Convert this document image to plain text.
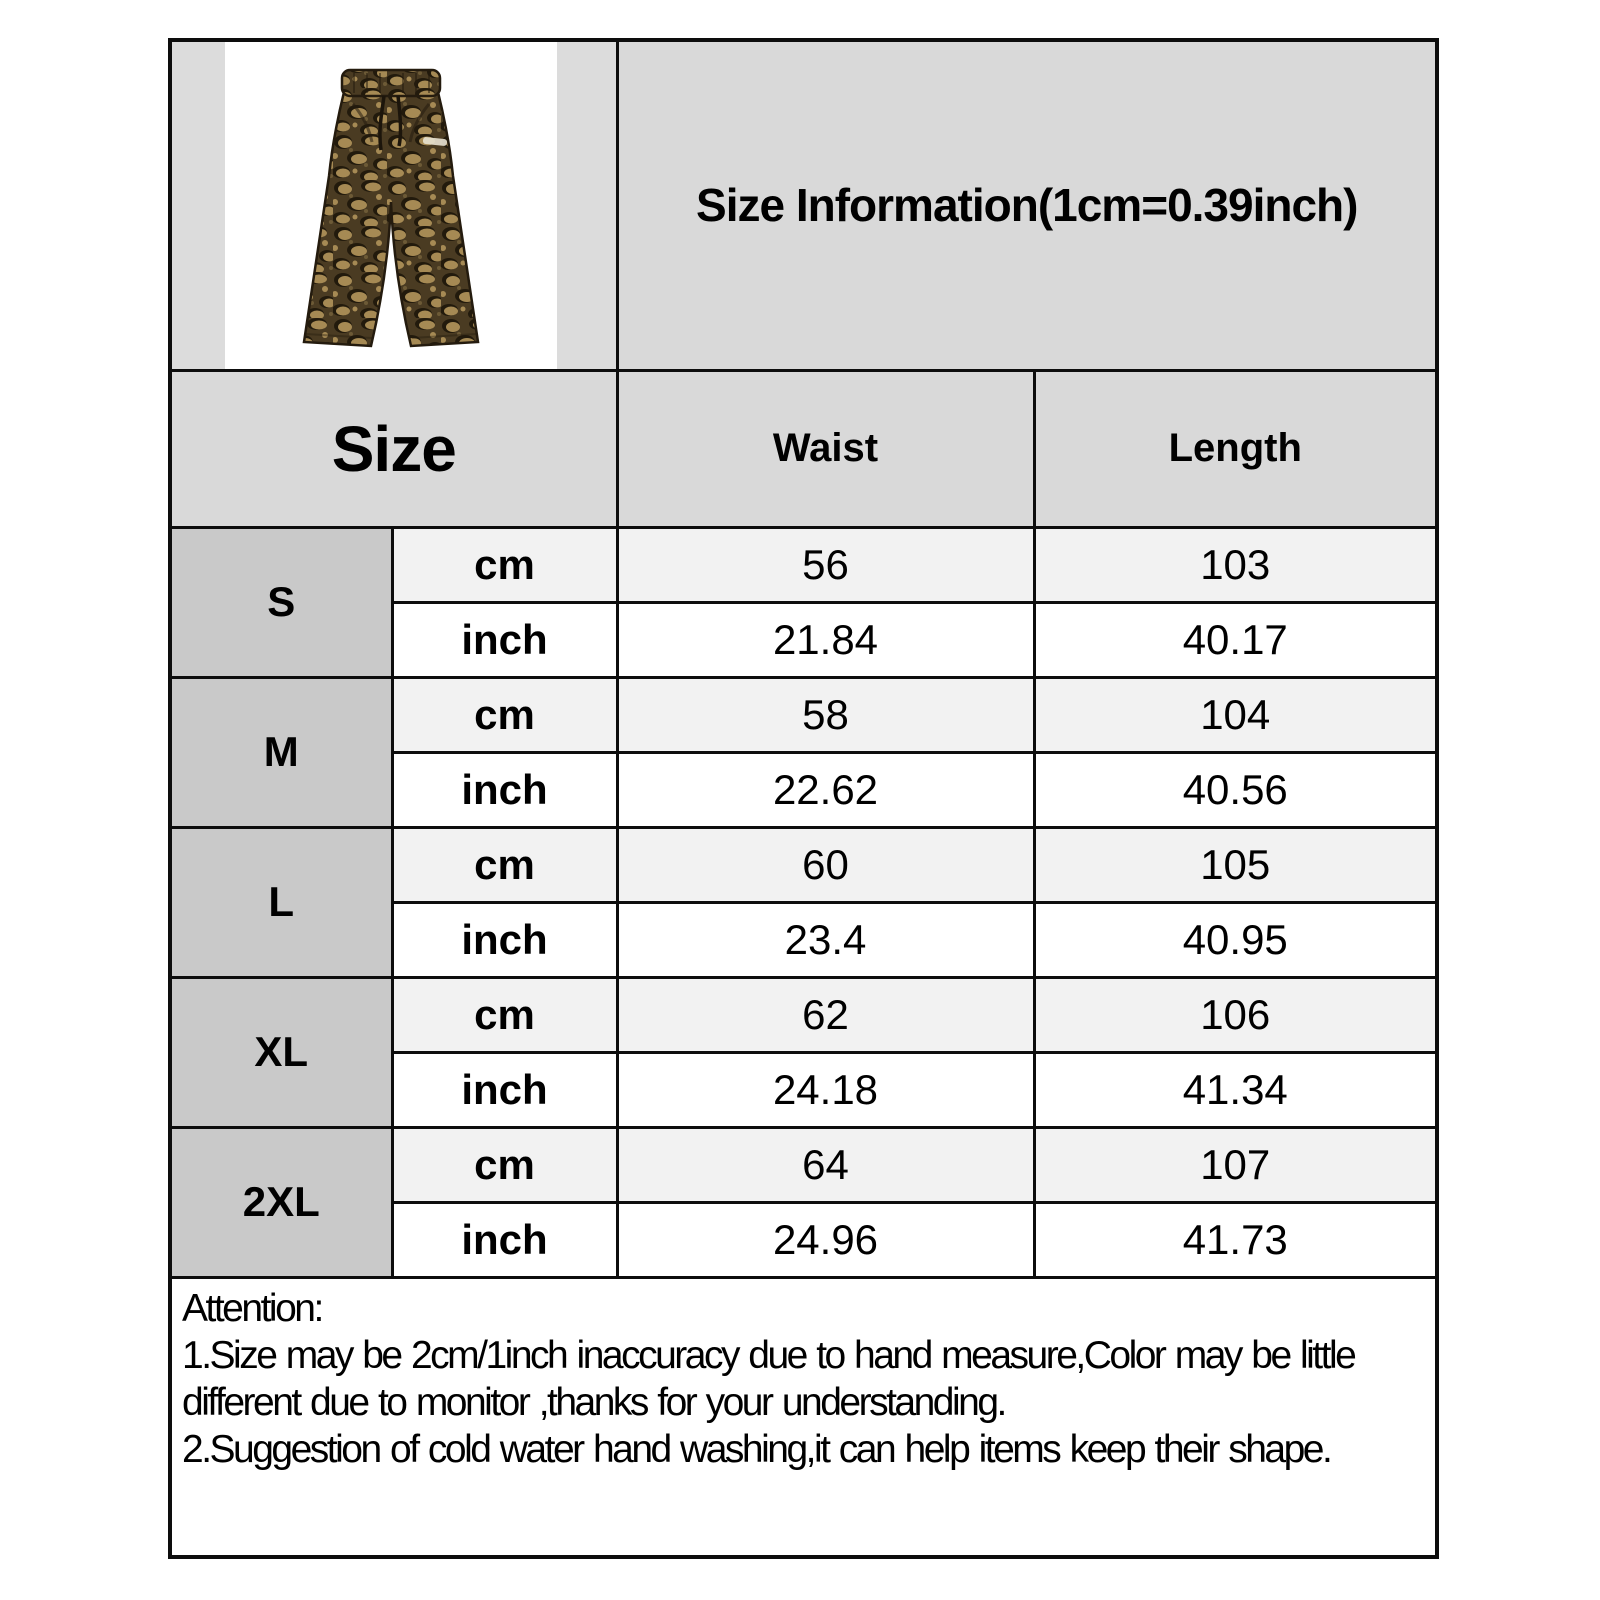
	Size Information(1cm=0.39inch)	
Size		Waist	Length
S	cm	56	103
	inch	21.84	40.17
M	cm	58	104
	inch	22.62	40.56
L	cm	60	105
	inch	23.4	40.95
XL	cm	62	106
	inch	24.18	41.34
2XL	cm	64	107
	inch	24.96	41.73

Attention:

1.Size may be 2cm/1inch inaccuracy due to hand measure,Color may be little different due to monitor ,thanks for your understanding.

2.Suggestion of cold water hand washing,it can help items keep their shape.			
